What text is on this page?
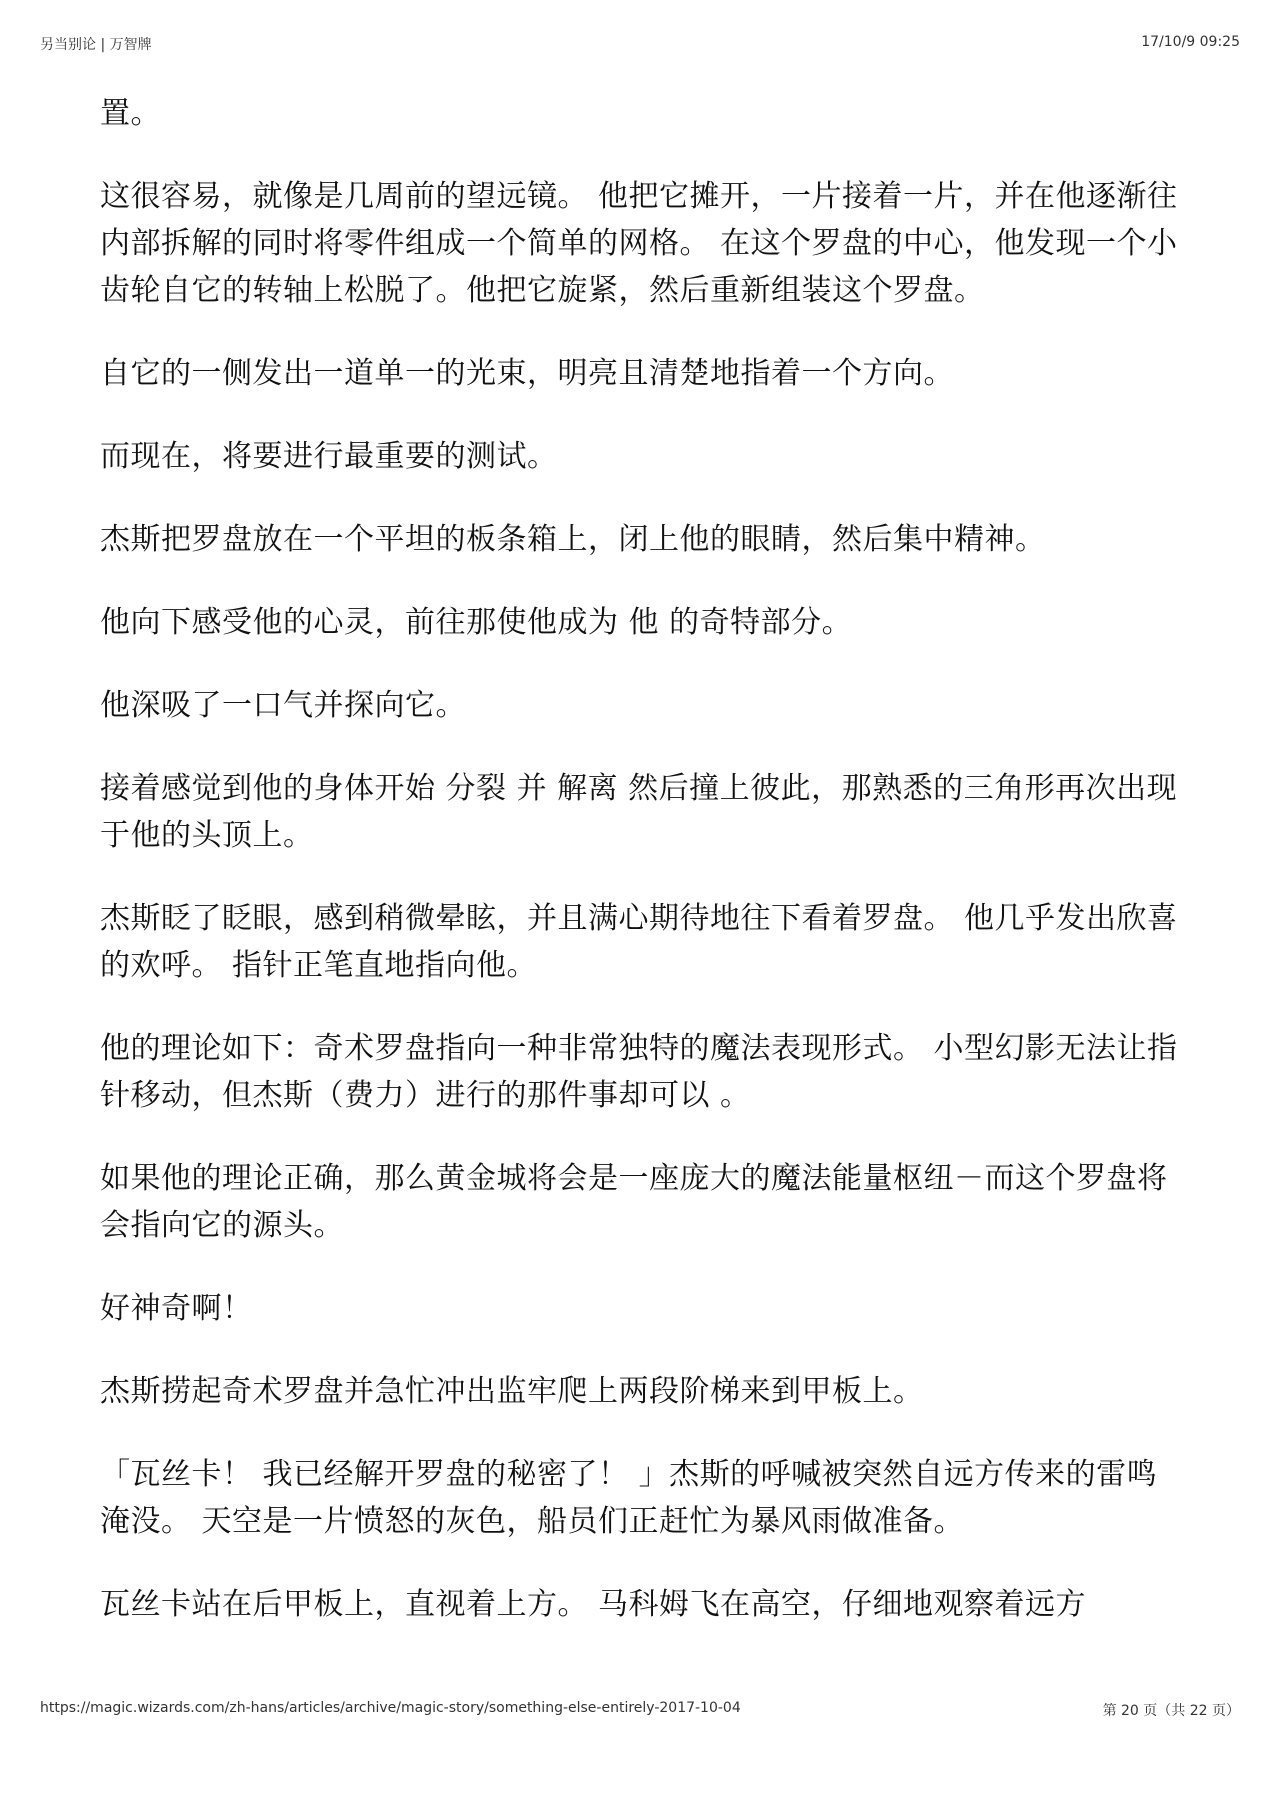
另当别论 | 万智牌	17/10/9 09:25

置。

这很容易，就像是几周前的望远镜。 他把它摊开，一片接着一片，并在他逐渐往内部拆解的同时将零件组成一个简单的网格。 在这个罗盘的中心，他发现一个小齿轮自它的转轴上松脱了。他把它旋紧，然后重新组装这个罗盘。

自它的一侧发出一道单一的光束，明亮且清楚地指着一个方向。

而现在，将要进行最重要的测试。

杰斯把罗盘放在一个平坦的板条箱上，闭上他的眼睛，然后集中精神。

他向下感受他的心灵，前往那使他成为 他 的奇特部分。

他深吸了一口气并探向它。

接着感觉到他的身体开始 分裂 并 解离 然后撞上彼此，那熟悉的三角形再次出现于他的头顶上。

杰斯眨了眨眼，感到稍微晕眩，并且满心期待地往下看着罗盘。 他几乎发出欣喜的欢呼。 指针正笔直地指向他。

他的理论如下：奇术罗盘指向一种非常独特的魔法表现形式。 小型幻影无法让指针移动，但杰斯（费力）进行的那件事却可以 。

如果他的理论正确，那么黄金城将会是一座庞大的魔法能量枢纽－而这个罗盘将会指向它的源头。

好神奇啊！

杰斯捞起奇术罗盘并急忙冲出监牢爬上两段阶梯来到甲板上。

「瓦丝卡！ 我已经解开罗盘的秘密了！ 」杰斯的呼喊被突然自远方传来的雷鸣淹没。 天空是一片愤怒的灰色，船员们正赶忙为暴风雨做准备。

瓦丝卡站在后甲板上，直视着上方。 马科姆飞在高空，仔细地观察着远方

https://magic.wizards.com/zh-hans/articles/archive/magic-story/something-else-entirely-2017-10-04	第 20 页（共 22 页）
